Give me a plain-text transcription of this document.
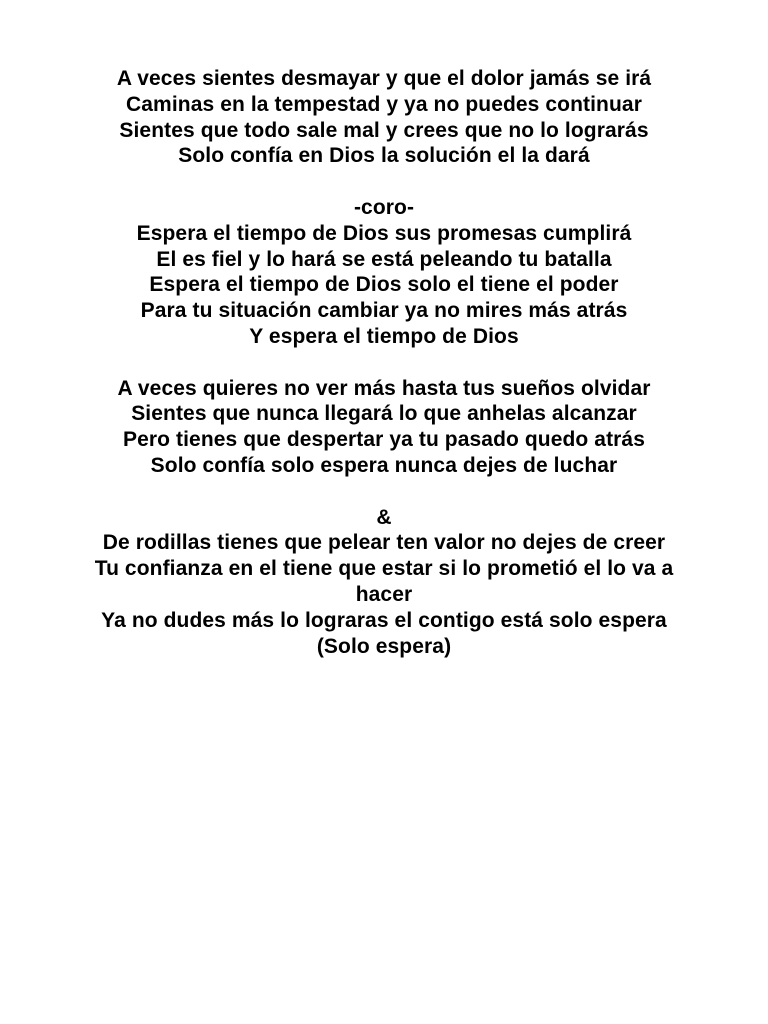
A veces sientes desmayar y que el dolor jamás se irá
Caminas en la tempestad y ya no puedes continuar
Sientes que todo sale mal y crees que no lo lograrás
Solo confía en Dios la solución el la dará
-coro-
Espera el tiempo de Dios sus promesas cumplirá
El es fiel y lo hará se está peleando tu batalla
Espera el tiempo de Dios solo el tiene el poder
Para tu situación cambiar ya no mires más atrás
Y espera el tiempo de Dios
A veces quieres no ver más hasta tus sueños olvidar
Sientes que nunca llegará lo que anhelas alcanzar
Pero tienes que despertar ya tu pasado quedo atrás
Solo confía solo espera nunca dejes de luchar
&
De rodillas tienes que pelear ten valor no dejes de creer
Tu confianza en el tiene que estar si lo prometió el lo va a hacer
Ya no dudes más lo lograras el contigo está solo espera
(Solo espera)
